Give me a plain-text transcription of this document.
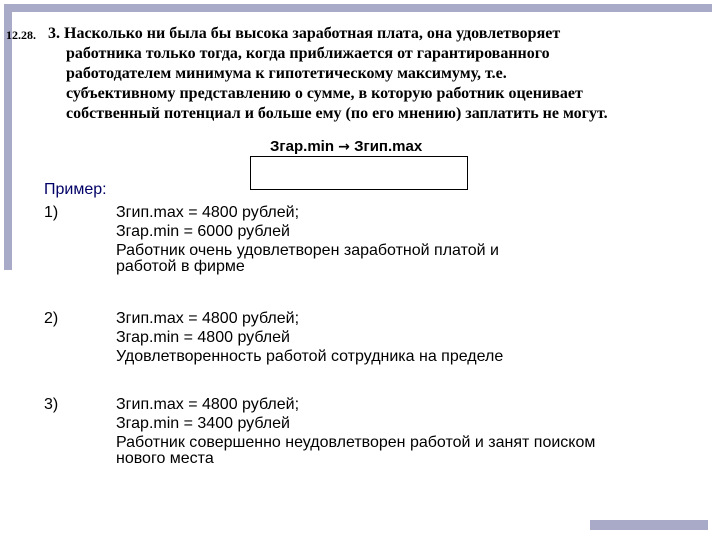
12.28. 3. Насколько ни была бы высока заработная плата, она удовлетворяет
работника только тогда, когда приближается от гарантированного
работодателем минимума к гипотетическому максимуму, т.е.
субъективному представлению о сумме, в которую работник оценивает
собственный потенциал и больше ему (по его мнению) заплатить не могут.
Згар.min → Згип.max
Пример:
1)	Згип.max = 4800 рублей;
Згар.min = 6000 рублей
Работник очень удовлетворен заработной платой и
работой в фирме
2)	Згип.max = 4800 рублей;
Згар.min = 4800 рублей
Удовлетворенность работой сотрудника на пределе
3)	Згип.max = 4800 рублей;
Згар.min = 3400 рублей
Работник совершенно неудовлетворен работой и занят поиском
нового места
